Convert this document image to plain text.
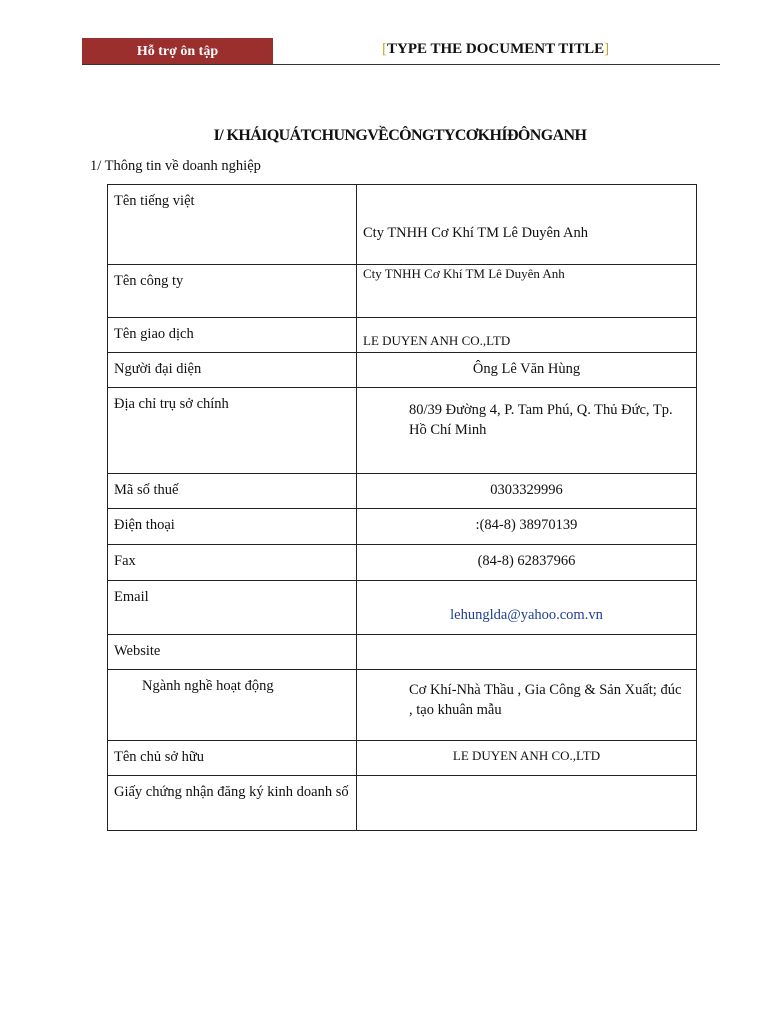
Hỗ trợ ôn tập	[TYPE THE DOCUMENT TITLE]
I/ KHÁIQUÁTCHUNGVỀCÔNGTYCƠKHÍĐÔNGANH
1/ Thông tin về doanh nghiệp
Tên tiếng việt	Cty TNHH Cơ Khí TM Lê Duyên Anh
Tên công ty	Cty TNHH Cơ Khí TM Lê Duyên Anh
Tên giao dịch	LE DUYEN ANH CO.,LTD
Người đại diện	Ông Lê Văn Hùng
Địa chỉ trụ sở chính	80/39 Đường 4, P. Tam Phú, Q. Thủ Đức, Tp. Hồ Chí Minh
Mã số thuế	0303329996
Điện thoại	:(84-8) 38970139
Fax	(84-8) 62837966
Email	lehunglda@yahoo.com.vn
Website	
Ngành nghề hoạt động	Cơ Khí-Nhà Thầu , Gia Công & Sản Xuất; đúc , tạo khuân mẫu
Tên chủ sở hữu	LE DUYEN ANH CO.,LTD
Giấy chứng nhận đăng ký kinh doanh số	
